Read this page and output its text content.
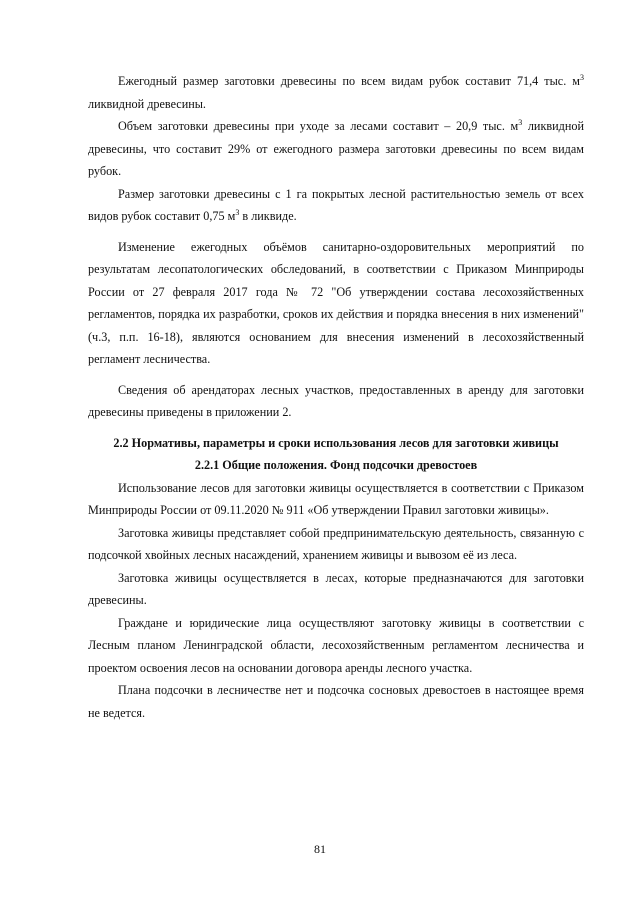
Ежегодный размер заготовки древесины по всем видам рубок составит 71,4 тыс. $м^3$ ликвидной древесины.

Объем заготовки древесины при уходе за лесами составит – 20,9 тыс. $м^3$ ликвидной древесины, что составит 29% от ежегодного размера заготовки древесины по всем видам рубок.

Размер заготовки древесины с 1 га покрытых лесной растительностью земель от всех видов рубок составит 0,75 $м^3$ в ликвиде.

Изменение ежегодных объёмов санитарно-оздоровительных мероприятий по результатам лесопатологических обследований, в соответствии с Приказом Минприроды России от 27 февраля 2017 года № 72 "Об утверждении состава лесохозяйственных регламентов, порядка их разработки, сроков их действия и порядка внесения в них изменений" (ч.3, п.п. 16-18), являются основанием для внесения изменений в лесохозяйственный регламент лесничества.

Сведения об арендаторах лесных участков, предоставленных в аренду для заготовки древесины приведены в приложении 2.

2.2 Нормативы, параметры и сроки использования лесов для заготовки живицы
2.2.1 Общие положения. Фонд подсочки древостоев

Использование лесов для заготовки живицы осуществляется в соответствии с Приказом Минприроды России от 09.11.2020 № 911 «Об утверждении Правил заготовки живицы».

Заготовка живицы представляет собой предпринимательскую деятельность, связанную с подсочкой хвойных лесных насаждений, хранением живицы и вывозом её из леса.

Заготовка живицы осуществляется в лесах, которые предназначаются для заготовки древесины.

Граждане и юридические лица осуществляют заготовку живицы в соответствии с Лесным планом Ленинградской области, лесохозяйственным регламентом лесничества и проектом освоения лесов на основании договора аренды лесного участка.

Плана подсочки в лесничестве нет и подсочка сосновых древостоев в настоящее время не ведется.

81
